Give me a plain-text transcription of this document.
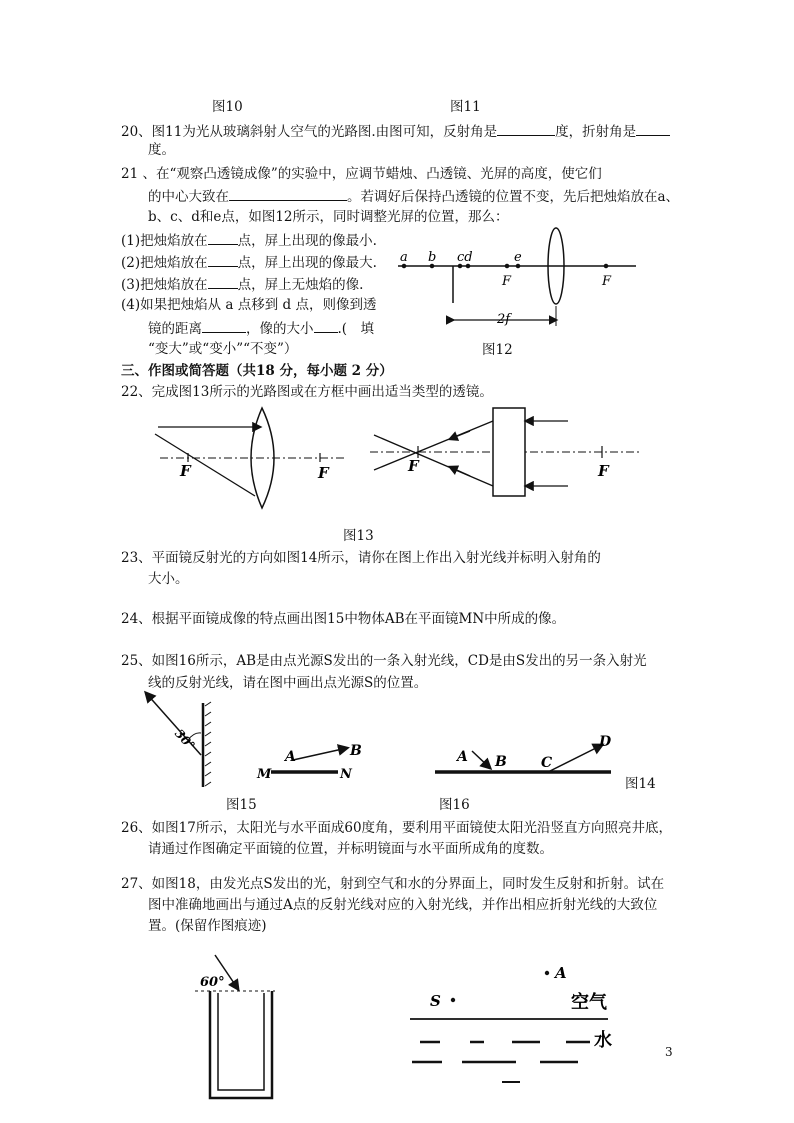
图10	图11
20、图11为光从玻璃斜射人空气的光路图.由图可知，反射角是	度，折射角是
度。
21 、在“观察凸透镜成像”的实验中，应调节蜡烛、凸透镜、光屏的高度，使它们
的中心大致在	。若调好后保持凸透镜的位置不变，先后把烛焰放在a、
b、c、d和e点，如图12所示，同时调整光屏的位置，那么：
(1)把烛焰放在 点，屏上出现的像最小.
(2)把烛焰放在 点，屏上出现的像最大.
(3)把烛焰放在 点，屏上无烛焰的像.
(4)如果把烛焰从 a 点移到 d 点，则像到透
镜的距离	，像的大小 .(　填
“变大”或“变小”“不变”）	图12
三、作图或简答题（共18 分，每小题 2 分）
22、完成图13所示的光路图或在方框中画出适当类型的透镜。
图13
23、平面镜反射光的方向如图14所示，请你在图上作出入射光线并标明入射角的
大小。
24、根据平面镜成像的特点画出图15中物体AB在平面镜MN中所成的像。
25、如图16所示，AB是由点光源S发出的一条入射光线，CD是由S发出的另一条入射光
线的反射光线，请在图中画出点光源S的位置。
图14
图15	图16
26、如图17所示，太阳光与水平面成60度角，要利用平面镜使太阳光沿竖直方向照亮井底，
请通过作图确定平面镜的位置，并标明镜面与水平面所成角的度数。
27、如图18，由发光点S发出的光，射到空气和水的分界面上，同时发生反射和折射。试在
图中准确地画出与通过A点的反射光线对应的入射光线，并作出相应折射光线的大致位
置。(保留作图痕迹)
3
a b cd	e
F	F
2f
F	F	F	F
30°
A	B
M	N
A B C
D
60°
A
S	空气
水
